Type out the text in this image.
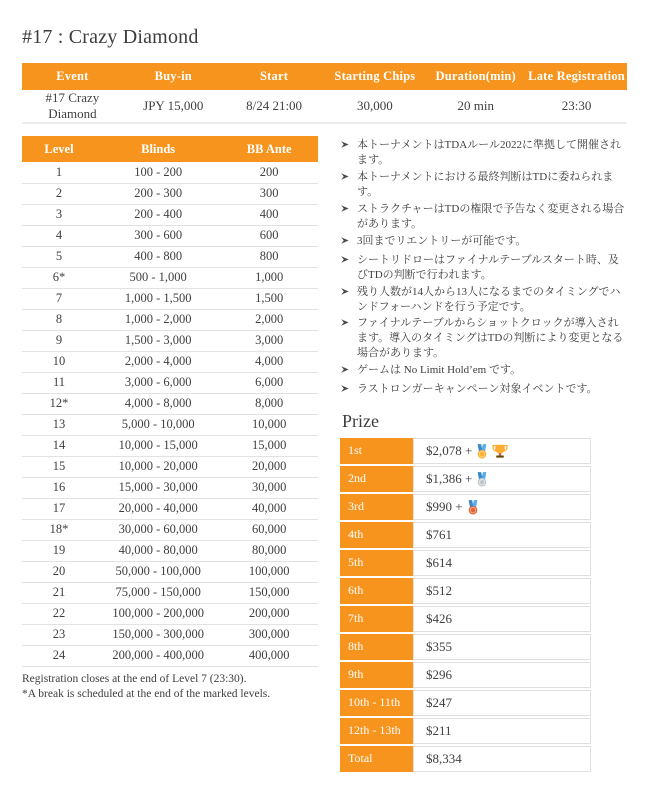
#17 : Crazy Diamond
Event	Buy-in	Start	Starting Chips	Duration(min)	Late Registration
#17 Crazy Diamond	JPY 15,000	8/24 21:00	30,000	20 min	23:30
Level	Blinds	BB Ante
1	100 - 200	200
2	200 - 300	300
3	200 - 400	400
4	300 - 600	600
5	400 - 800	800
6*	500 - 1,000	1,000
7	1,000 - 1,500	1,500
8	1,000 - 2,000	2,000
9	1,500 - 3,000	3,000
10	2,000 - 4,000	4,000
11	3,000 - 6,000	6,000
12*	4,000 - 8,000	8,000
13	5,000 - 10,000	10,000
14	10,000 - 15,000	15,000
15	10,000 - 20,000	20,000
16	15,000 - 30,000	30,000
17	20,000 - 40,000	40,000
18*	30,000 - 60,000	60,000
19	40,000 - 80,000	80,000
20	50,000 - 100,000	100,000
21	75,000 - 150,000	150,000
22	100,000 - 200,000	200,000
23	150,000 - 300,000	300,000
24	200,000 - 400,000	400,000
Registration closes at the end of Level 7 (23:30).
*A break is scheduled at the end of the marked levels.
本トーナメントはTDAルール2022に準拠して開催されます。
本トーナメントにおける最終判断はTDに委ねられます。
ストラクチャーはTDの権限で予告なく変更される場合があります。
3回までリエントリーが可能です。
シートリドローはファイナルテーブルスタート時、及びTDの判断で行われます。
残り人数が14人から13人になるまでのタイミングでハンドフォーハンドを行う予定です。
ファイナルテーブルからショットクロックが導入されます。導入のタイミングはTDの判断により変更となる場合があります。
ゲームは No Limit Hold’em です。
ラストロンガーキャンペーン対象イベントです。
Prize
1st	$2,078 +
2nd	$1,386 +
3rd	$990 +
4th	$761
5th	$614
6th	$512
7th	$426
8th	$355
9th	$296
10th - 11th	$247
12th - 13th	$211
Total	$8,334
